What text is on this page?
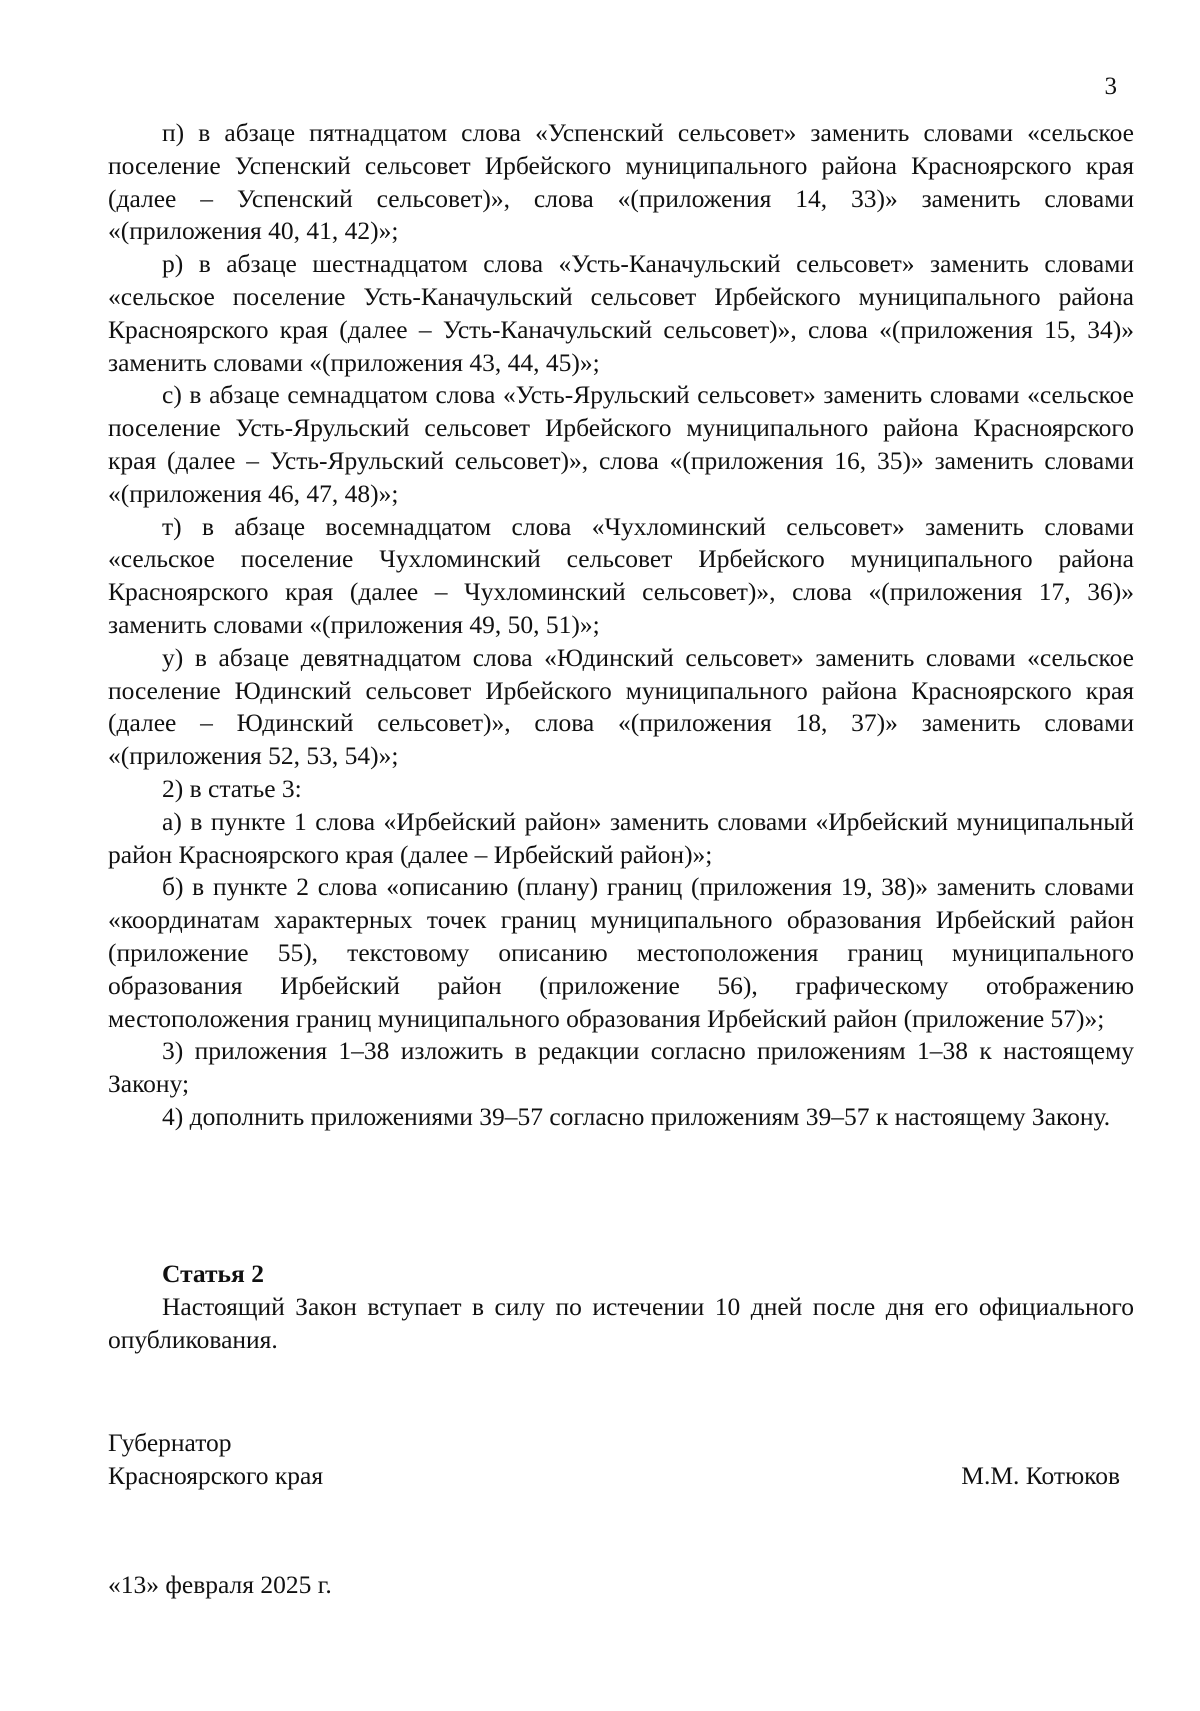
3

п) в абзаце пятнадцатом слова «Успенский сельсовет» заменить словами «сельское поселение Успенский сельсовет Ирбейского муниципального района Красноярского края (далее – Успенский сельсовет)», слова «(приложения 14, 33)» заменить словами «(приложения 40, 41, 42)»;

р) в абзаце шестнадцатом слова «Усть-Каначульский сельсовет» заменить словами «сельское поселение Усть-Каначульский сельсовет Ирбейского муниципального района Красноярского края (далее – Усть-Каначульский сельсовет)», слова «(приложения 15, 34)» заменить словами «(приложения 43, 44, 45)»;

с) в абзаце семнадцатом слова «Усть-Ярульский сельсовет» заменить словами «сельское поселение Усть-Ярульский сельсовет Ирбейского муниципального района Красноярского края (далее – Усть-Ярульский сельсовет)», слова «(приложения 16, 35)» заменить словами «(приложения 46, 47, 48)»;

т) в абзаце восемнадцатом слова «Чухломинский сельсовет» заменить словами «сельское поселение Чухломинский сельсовет Ирбейского муниципального района Красноярского края (далее – Чухломинский сельсовет)», слова «(приложения 17, 36)» заменить словами «(приложения 49, 50, 51)»;

у) в абзаце девятнадцатом слова «Юдинский сельсовет» заменить словами «сельское поселение Юдинский сельсовет Ирбейского муниципального района Красноярского края (далее – Юдинский сельсовет)», слова «(приложения 18, 37)» заменить словами «(приложения 52, 53, 54)»;

2) в статье 3:

а) в пункте 1 слова «Ирбейский район» заменить словами «Ирбейский муниципальный район Красноярского края (далее – Ирбейский район)»;

б) в пункте 2 слова «описанию (плану) границ (приложения 19, 38)» заменить словами «координатам характерных точек границ муниципального образования Ирбейский район (приложение 55), текстовому описанию местоположения границ муниципального образования Ирбейский район (приложение 56), графическому отображению местоположения границ муниципального образования Ирбейский район (приложение 57)»;

3) приложения 1–38 изложить в редакции согласно приложениям 1–38 к настоящему Закону;

4) дополнить приложениями 39–57 согласно приложениям 39–57 к настоящему Закону.

Статья 2

Настоящий Закон вступает в силу по истечении 10 дней после дня его официального опубликования.

Губернатор

Красноярского края	М.М. Котюков
«13» февраля 2025 г.
